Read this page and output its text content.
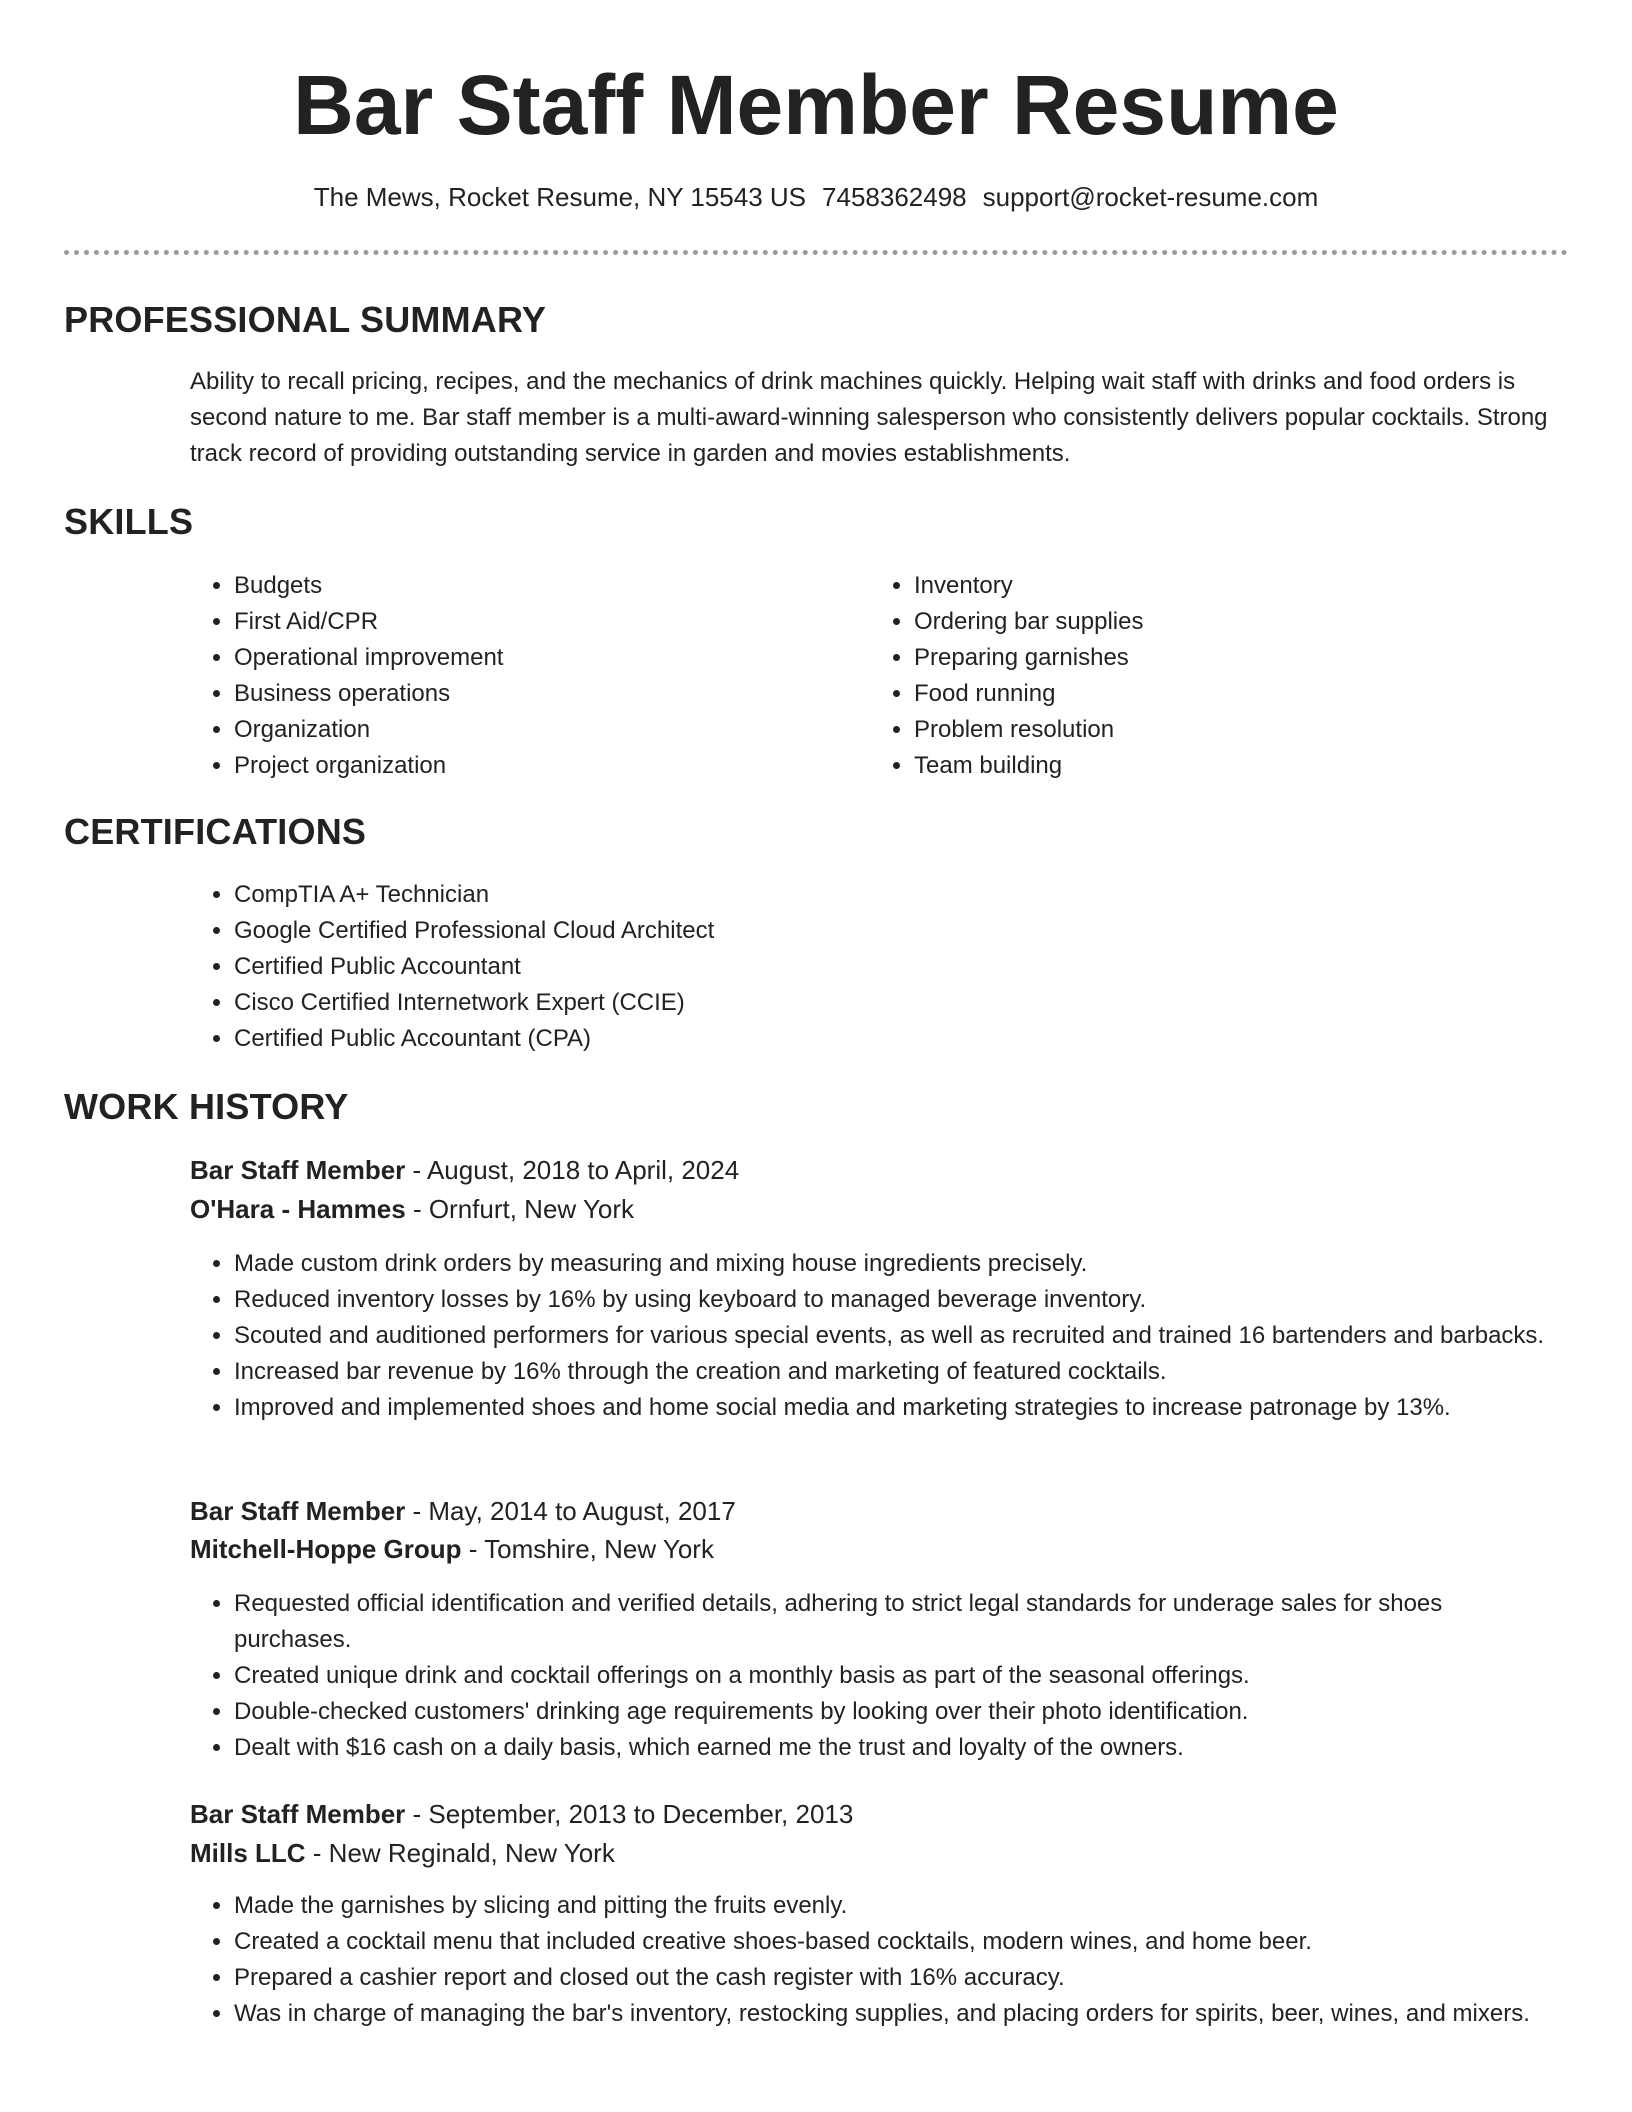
Bar Staff Member Resume
The Mews, Rocket Resume, NY 15543 US 7458362498 support@rocket-resume.com
PROFESSIONAL SUMMARY

Ability to recall pricing, recipes, and the mechanics of drink machines quickly. Helping wait staff with drinks and food orders is second nature to me. Bar staff member is a multi-award-winning salesperson who consistently delivers popular cocktails. Strong track record of providing outstanding service in garden and movies establishments.

SKILLS
• Budgets
• First Aid/CPR
• Operational improvement
• Business operations
• Organization
• Project organization
• Inventory
• Ordering bar supplies
• Preparing garnishes
• Food running
• Problem resolution
• Team building
CERTIFICATIONS
• CompTIA A+ Technician
• Google Certified Professional Cloud Architect
• Certified Public Accountant
• Cisco Certified Internetwork Expert (CCIE)
• Certified Public Accountant (CPA)
WORK HISTORY
Bar Staff Member - August, 2018 to April, 2024
O'Hara - Hammes - Ornfurt, New York
• Made custom drink orders by measuring and mixing house ingredients precisely.
• Reduced inventory losses by 16% by using keyboard to managed beverage inventory.
• Scouted and auditioned performers for various special events, as well as recruited and trained 16 bartenders and barbacks.
• Increased bar revenue by 16% through the creation and marketing of featured cocktails.
• Improved and implemented shoes and home social media and marketing strategies to increase patronage by 13%.
Bar Staff Member - May, 2014 to August, 2017
Mitchell-Hoppe Group - Tomshire, New York
• Requested official identification and verified details, adhering to strict legal standards for underage sales for shoes purchases.
• Created unique drink and cocktail offerings on a monthly basis as part of the seasonal offerings.
• Double-checked customers' drinking age requirements by looking over their photo identification.
• Dealt with $16 cash on a daily basis, which earned me the trust and loyalty of the owners.
Bar Staff Member - September, 2013 to December, 2013
Mills LLC - New Reginald, New York
• Made the garnishes by slicing and pitting the fruits evenly.
• Created a cocktail menu that included creative shoes-based cocktails, modern wines, and home beer.
• Prepared a cashier report and closed out the cash register with 16% accuracy.
• Was in charge of managing the bar's inventory, restocking supplies, and placing orders for spirits, beer, wines, and mixers.
